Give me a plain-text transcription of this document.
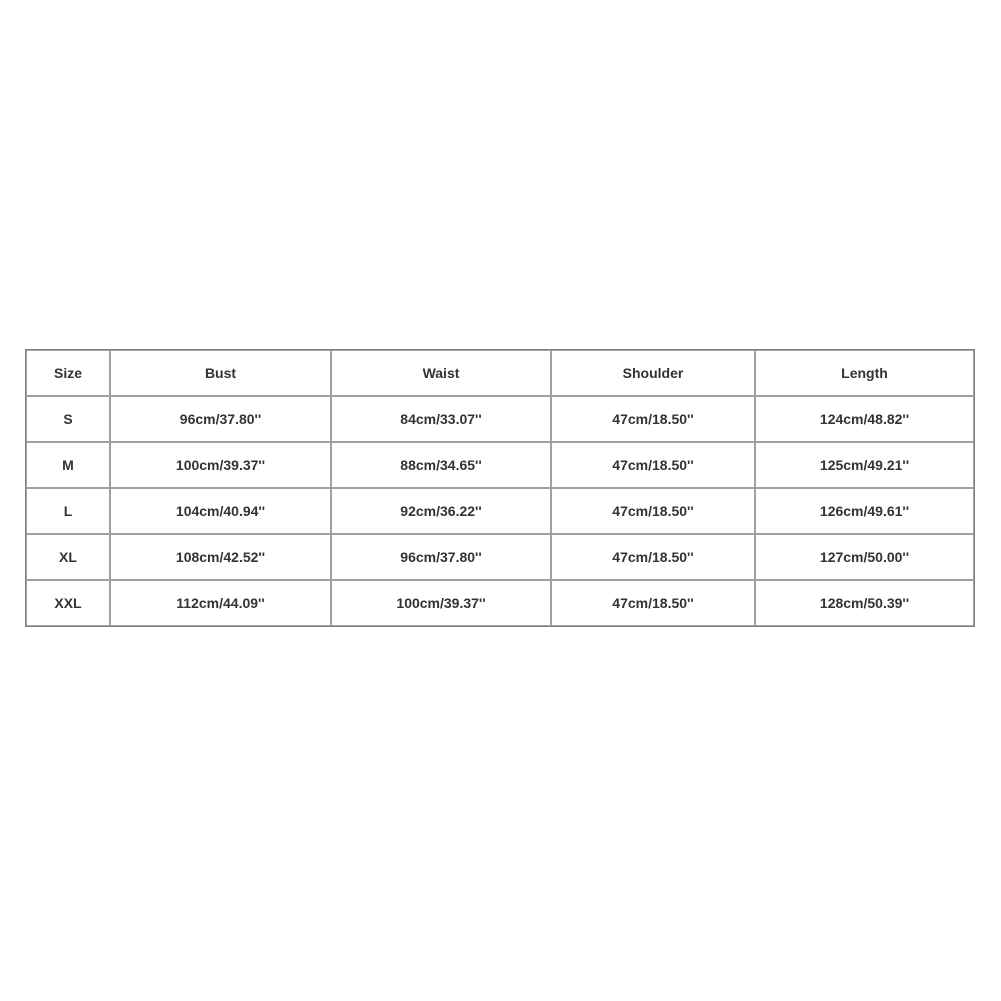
Size	Bust	Waist	Shoulder	Length
S	96cm/37.80''	84cm/33.07''	47cm/18.50''	124cm/48.82''
M	100cm/39.37''	88cm/34.65''	47cm/18.50''	125cm/49.21''
L	104cm/40.94''	92cm/36.22''	47cm/18.50''	126cm/49.61''
XL	108cm/42.52''	96cm/37.80''	47cm/18.50''	127cm/50.00''
XXL	112cm/44.09''	100cm/39.37''	47cm/18.50''	128cm/50.39''
